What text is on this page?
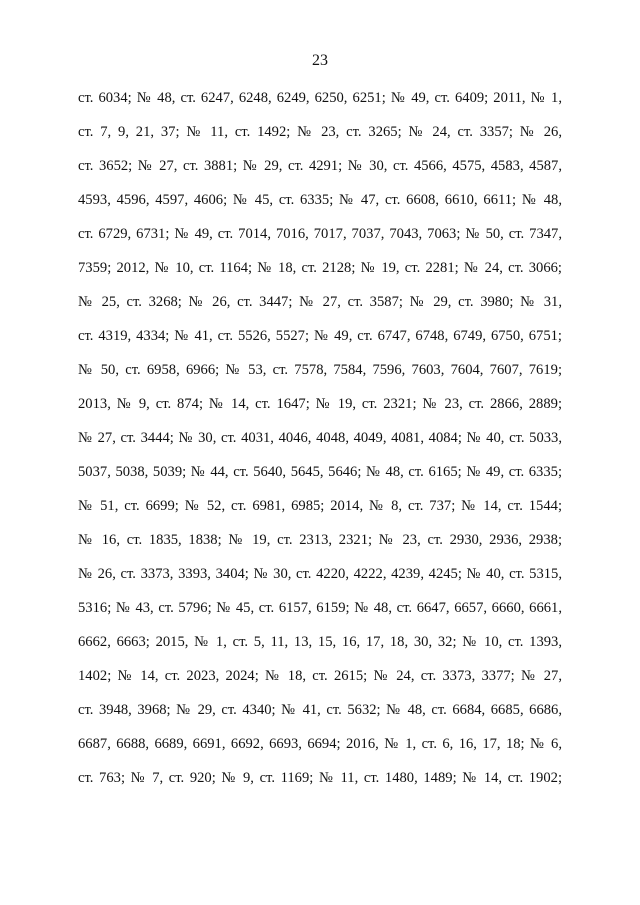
23
ст. 6034; № 48, ст. 6247, 6248, 6249, 6250, 6251; № 49, ст. 6409; 2011, № 1,
ст. 7, 9, 21, 37; № 11, ст. 1492; № 23, ст. 3265; № 24, ст. 3357; № 26,
ст. 3652; № 27, ст. 3881; № 29, ст. 4291; № 30, ст. 4566, 4575, 4583, 4587,
4593, 4596, 4597, 4606; № 45, ст. 6335; № 47, ст. 6608, 6610, 6611; № 48,
ст. 6729, 6731; № 49, ст. 7014, 7016, 7017, 7037, 7043, 7063; № 50, ст. 7347,
7359; 2012, № 10, ст. 1164; № 18, ст. 2128; № 19, ст. 2281; № 24, ст. 3066;
№ 25, ст. 3268; № 26, ст. 3447; № 27, ст. 3587; № 29, ст. 3980; № 31,
ст. 4319, 4334; № 41, ст. 5526, 5527; № 49, ст. 6747, 6748, 6749, 6750, 6751;
№ 50, ст. 6958, 6966; № 53, ст. 7578, 7584, 7596, 7603, 7604, 7607, 7619;
2013, № 9, ст. 874; № 14, ст. 1647; № 19, ст. 2321; № 23, ст. 2866, 2889;
№ 27, ст. 3444; № 30, ст. 4031, 4046, 4048, 4049, 4081, 4084; № 40, ст. 5033,
5037, 5038, 5039; № 44, ст. 5640, 5645, 5646; № 48, ст. 6165; № 49, ст. 6335;
№ 51, ст. 6699; № 52, ст. 6981, 6985; 2014, № 8, ст. 737; № 14, ст. 1544;
№ 16, ст. 1835, 1838; № 19, ст. 2313, 2321; № 23, ст. 2930, 2936, 2938;
№ 26, ст. 3373, 3393, 3404; № 30, ст. 4220, 4222, 4239, 4245; № 40, ст. 5315,
5316; № 43, ст. 5796; № 45, ст. 6157, 6159; № 48, ст. 6647, 6657, 6660, 6661,
6662, 6663; 2015, № 1, ст. 5, 11, 13, 15, 16, 17, 18, 30, 32; № 10, ст. 1393,
1402; № 14, ст. 2023, 2024; № 18, ст. 2615; № 24, ст. 3373, 3377; № 27,
ст. 3948, 3968; № 29, ст. 4340; № 41, ст. 5632; № 48, ст. 6684, 6685, 6686,
6687, 6688, 6689, 6691, 6692, 6693, 6694; 2016, № 1, ст. 6, 16, 17, 18; № 6,
ст. 763; № 7, ст. 920; № 9, ст. 1169; № 11, ст. 1480, 1489; № 14, ст. 1902;
